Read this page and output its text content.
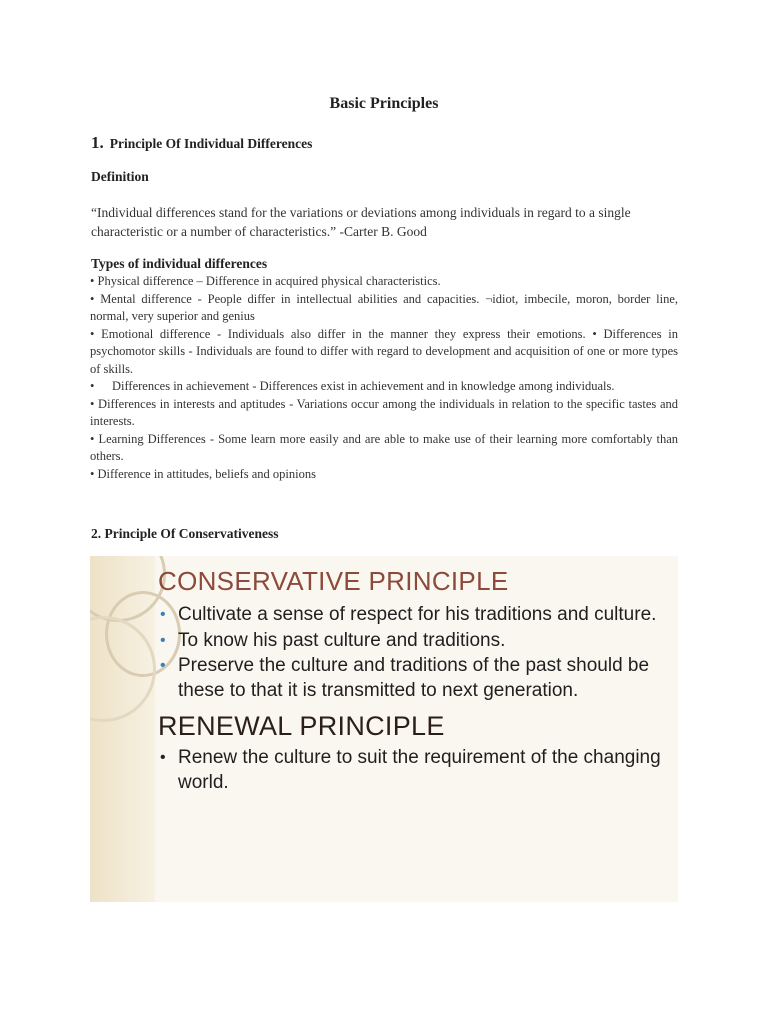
Basic Principles
1. Principle Of Individual Differences
Definition
“Individual differences stand for the variations or deviations among individuals in regard to a single characteristic or a number of characteristics.” -Carter B. Good
Types of individual differences

• Physical difference – Difference in acquired physical characteristics.

• Mental difference - People differ in intellectual abilities and capacities. ¬idiot, imbecile, moron, border line, normal, very superior and genius

• Emotional difference - Individuals also differ in the manner they express their emotions. • Differences in psychomotor skills - Individuals are found to differ with regard to development and acquisition of one or more types of skills.

• Differences in achievement - Differences exist in achievement and in knowledge among individuals.

• Differences in interests and aptitudes - Variations occur among the individuals in relation to the specific tastes and interests.

• Learning Differences - Some learn more easily and are able to make use of their learning more comfortably than others.

• Difference in attitudes, beliefs and opinions

2. Principle Of Conservativeness
CONSERVATIVE PRINCIPLE
• Cultivate a sense of respect for his traditions and culture.
• To know his past culture and traditions.
• Preserve the culture and traditions of the past should be these to that it is transmitted to next generation.
RENEWAL PRINCIPLE
• Renew the culture to suit the requirement of the changing world.
